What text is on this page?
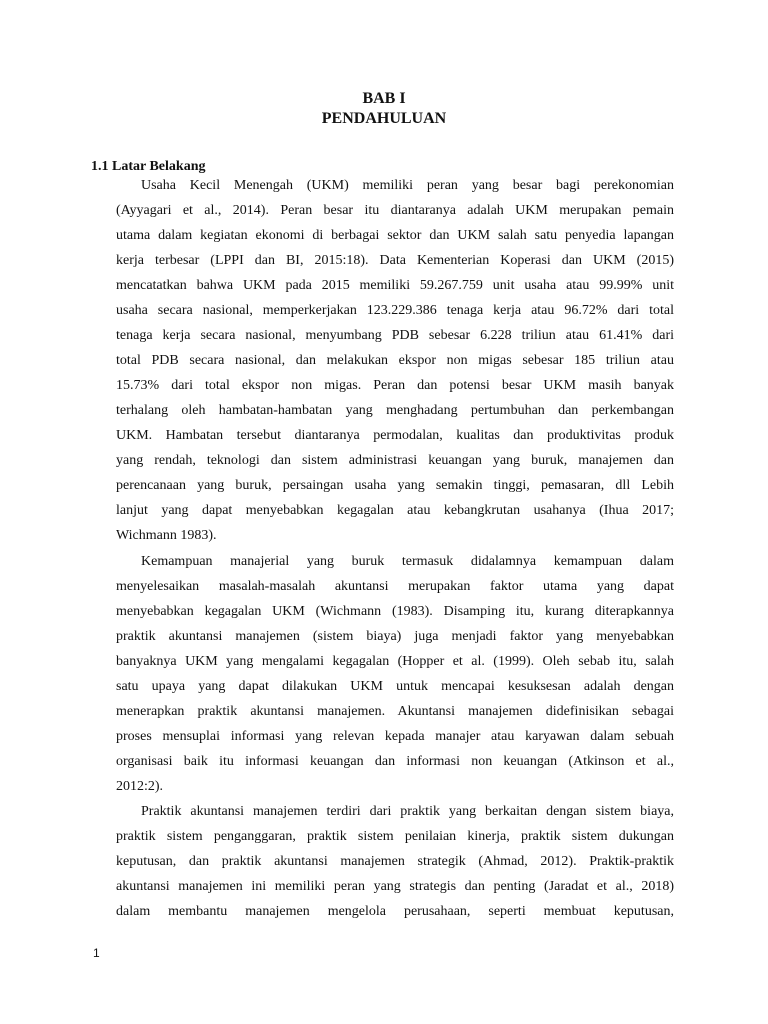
BAB I
PENDAHULUAN
1.1 Latar Belakang
Usaha Kecil Menengah (UKM) memiliki peran yang besar bagi perekonomian
(Ayyagari et al., 2014). Peran besar itu diantaranya adalah UKM merupakan pemain
utama dalam kegiatan ekonomi di berbagai sektor dan UKM salah satu penyedia lapangan
kerja terbesar (LPPI dan BI, 2015:18). Data Kementerian Koperasi dan UKM (2015)
mencatatkan bahwa UKM pada 2015 memiliki 59.267.759 unit usaha atau 99.99% unit
usaha secara nasional, memperkerjakan 123.229.386 tenaga kerja atau 96.72% dari total
tenaga kerja secara nasional, menyumbang PDB sebesar 6.228 triliun atau 61.41% dari
total PDB secara nasional, dan melakukan ekspor non migas sebesar 185 triliun atau
15.73% dari total ekspor non migas. Peran dan potensi besar UKM masih banyak
terhalang oleh hambatan-hambatan yang menghadang pertumbuhan dan perkembangan
UKM. Hambatan tersebut diantaranya permodalan, kualitas dan produktivitas produk
yang rendah, teknologi dan sistem administrasi keuangan yang buruk, manajemen dan
perencanaan yang buruk, persaingan usaha yang semakin tinggi, pemasaran, dll Lebih
lanjut yang dapat menyebabkan kegagalan atau kebangkrutan usahanya (Ihua 2017;
Wichmann 1983).
Kemampuan manajerial yang buruk termasuk didalamnya kemampuan dalam
menyelesaikan masalah-masalah akuntansi merupakan faktor utama yang dapat
menyebabkan kegagalan UKM (Wichmann (1983). Disamping itu, kurang diterapkannya
praktik akuntansi manajemen (sistem biaya) juga menjadi faktor yang menyebabkan
banyaknya UKM yang mengalami kegagalan (Hopper et al. (1999). Oleh sebab itu, salah
satu upaya yang dapat dilakukan UKM untuk mencapai kesuksesan adalah dengan
menerapkan praktik akuntansi manajemen. Akuntansi manajemen didefinisikan sebagai
proses mensuplai informasi yang relevan kepada manajer atau karyawan dalam sebuah
organisasi baik itu informasi keuangan dan informasi non keuangan (Atkinson et al.,
2012:2).
Praktik akuntansi manajemen terdiri dari praktik yang berkaitan dengan sistem biaya,
praktik sistem penganggaran, praktik sistem penilaian kinerja, praktik sistem dukungan
keputusan, dan praktik akuntansi manajemen strategik (Ahmad, 2012). Praktik-praktik
akuntansi manajemen ini memiliki peran yang strategis dan penting (Jaradat et al., 2018)
dalam membantu manajemen mengelola perusahaan, seperti membuat keputusan,
1
